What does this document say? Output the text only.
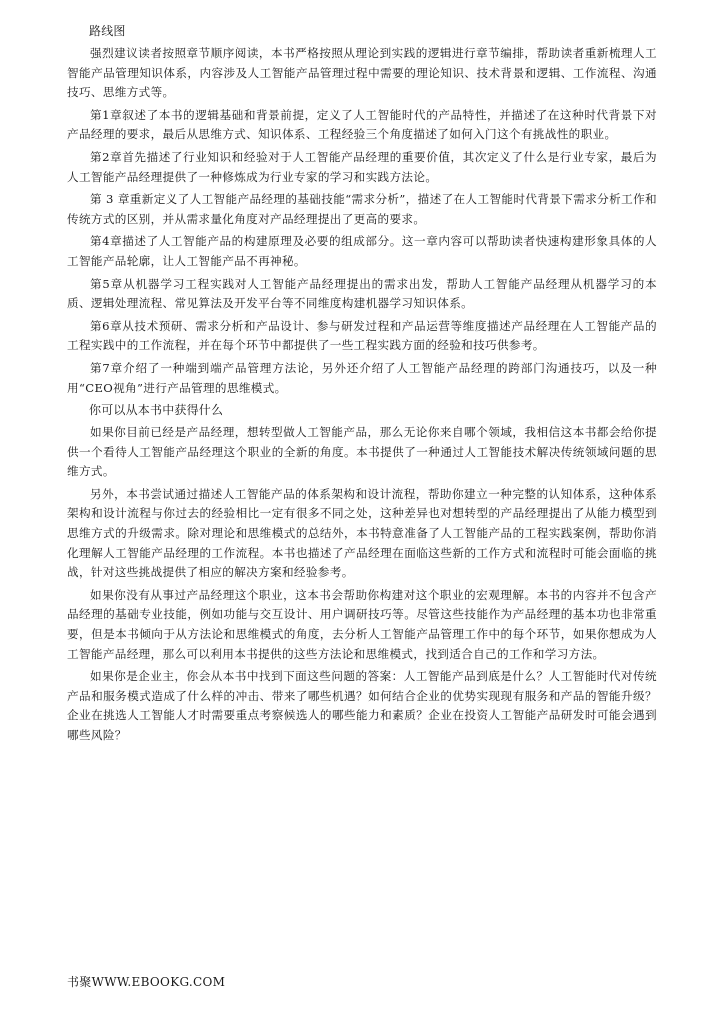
路线图

强烈建议读者按照章节顺序阅读，本书严格按照从理论到实践的逻辑进行章节编排，帮助读者重新梳理人工智能产品管理知识体系，内容涉及人工智能产品管理过程中需要的理论知识、技术背景和逻辑、工作流程、沟通技巧、思维方式等。

第1章叙述了本书的逻辑基础和背景前提，定义了人工智能时代的产品特性，并描述了在这种时代背景下对产品经理的要求，最后从思维方式、知识体系、工程经验三个角度描述了如何入门这个有挑战性的职业。

第2章首先描述了行业知识和经验对于人工智能产品经理的重要价值，其次定义了什么是行业专家，最后为人工智能产品经理提供了一种修炼成为行业专家的学习和实践方法论。

第 3 章重新定义了人工智能产品经理的基础技能“需求分析”，描述了在人工智能时代背景下需求分析工作和传统方式的区别，并从需求量化角度对产品经理提出了更高的要求。

第4章描述了人工智能产品的构建原理及必要的组成部分。这一章内容可以帮助读者快速构建形象具体的人工智能产品轮廓，让人工智能产品不再神秘。

第5章从机器学习工程实践对人工智能产品经理提出的需求出发，帮助人工智能产品经理从机器学习的本质、逻辑处理流程、常见算法及开发平台等不同维度构建机器学习知识体系。

第6章从技术预研、需求分析和产品设计、参与研发过程和产品运营等维度描述产品经理在人工智能产品的工程实践中的工作流程，并在每个环节中都提供了一些工程实践方面的经验和技巧供参考。

第7章介绍了一种端到端产品管理方法论，另外还介绍了人工智能产品经理的跨部门沟通技巧，以及一种用“CEO视角”进行产品管理的思维模式。

你可以从本书中获得什么

如果你目前已经是产品经理，想转型做人工智能产品，那么无论你来自哪个领域，我相信这本书都会给你提供一个看待人工智能产品经理这个职业的全新的角度。本书提供了一种通过人工智能技术解决传统领域问题的思维方式。

另外，本书尝试通过描述人工智能产品的体系架构和设计流程，帮助你建立一种完整的认知体系，这种体系架构和设计流程与你过去的经验相比一定有很多不同之处，这种差异也对想转型的产品经理提出了从能力模型到思维方式的升级需求。除对理论和思维模式的总结外，本书特意准备了人工智能产品的工程实践案例，帮助你消化理解人工智能产品经理的工作流程。本书也描述了产品经理在面临这些新的工作方式和流程时可能会面临的挑战，针对这些挑战提供了相应的解决方案和经验参考。

如果你没有从事过产品经理这个职业，这本书会帮助你构建对这个职业的宏观理解。本书的内容并不包含产品经理的基础专业技能，例如功能与交互设计、用户调研技巧等。尽管这些技能作为产品经理的基本功也非常重要，但是本书倾向于从方法论和思维模式的角度，去分析人工智能产品管理工作中的每个环节，如果你想成为人工智能产品经理，那么可以利用本书提供的这些方法论和思维模式，找到适合自己的工作和学习方法。

如果你是企业主，你会从本书中找到下面这些问题的答案：人工智能产品到底是什么？人工智能时代对传统产品和服务模式造成了什么样的冲击、带来了哪些机遇？如何结合企业的优势实现现有服务和产品的智能升级？企业在挑选人工智能人才时需要重点考察候选人的哪些能力和素质？企业在投资人工智能产品研发时可能会遇到哪些风险？

书聚WWW.EBOOKG.COM
